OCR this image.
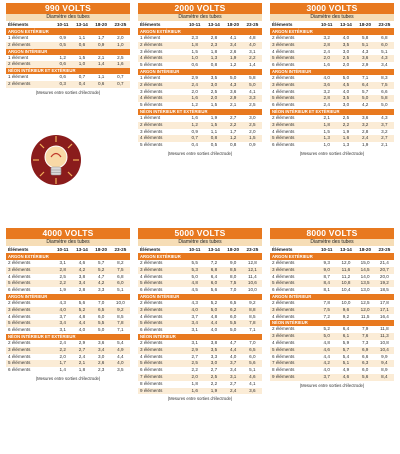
990 VOLTS
Diamètre des tubes
Éléments	10-11	13-14	18-20	23-25
ARGON EXTÉRIEUR
1 élément	0,9	1,1	1,7	2,0
2 éléments	0,5	0,6	0,9	1,0
ARGON INTÉRIEUR
1 élément	1,2	1,5	2,1	2,5
2 éléments	0,6	1,0	1,4	1,6
NÉON INTÉRIEUR ET EXTÉRIEUR
1 élément	0,6	0,7	1,1	0,7
2 éléments	0,3	0,4	0,6	0,7
(Mesures entre sorties d'électrode)
2000 VOLTS
Diamètre des tubes
Éléments	10-11	13-14	18-20	23-25
ARGON EXTÉRIEUR
1 élément	2,3	2,8	4,1	4,8
2 éléments	1,8	2,3	3,4	4,0
3 éléments	1,5	1,8	2,6	3,1
4 éléments	1,0	1,3	1,9	2,2
5 éléments	0,6	0,8	1,2	1,4
ARGON INTÉRIEUR
1 élément	2,9	3,5	5,0	5,8
2 éléments	2,4	3,0	4,3	5,0
3 éléments	2,0	2,5	3,6	4,1
4 éléments	1,6	2,0	2,9	3,3
5 éléments	1,2	1,5	2,1	2,5
NÉON INTÉRIEUR ET EXTÉRIEUR
1 élément	1,6	1,9	2,7	3,0
2 éléments	1,2	1,5	2,2	2,5
3 éléments	0,9	1,1	1,7	2,0
4 éléments	0,7	0,8	1,2	1,5
5 éléments	0,4	0,5	0,8	0,9
(Mesures entre sorties d'électrode)
3000 VOLTS
Diamètre des tubes
Éléments	10-11	13-14	18-20	23-25
ARGON EXTÉRIEUR
2 éléments	3,2	4,0	5,8	6,8
3 éléments	2,8	3,5	5,1	6,0
4 éléments	2,4	3,0	4,3	5,1
5 éléments	2,0	2,5	3,6	4,3
6 éléments	1,6	2,0	2,9	3,4
ARGON INTÉRIEUR
2 éléments	4,0	5,0	7,1	8,3
3 éléments	3,6	4,5	6,4	7,5
4 éléments	3,2	4,0	5,7	6,6
5 éléments	2,8	3,5	5,0	5,8
6 éléments	2,4	3,0	4,2	5,0
NÉON INTÉRIEUR ET EXTÉRIEUR
2 éléments	2,1	2,5	3,6	4,3
3 éléments	1,8	2,2	3,2	3,7
4 éléments	1,5	1,9	2,8	3,2
5 éléments	1,3	1,6	2,4	2,7
6 éléments	1,0	1,3	1,9	2,1
(Mesures entre sorties d'électrode)
4000 VOLTS
Diamètre des tubes
Éléments	10-11	13-14	18-20	23-25
ARGON EXTÉRIEUR
2 éléments	3,1	4,6	5,7	8,2
3 éléments	2,8	4,2	5,2	7,5
4 éléments	2,5	3,8	4,7	6,8
5 éléments	2,2	3,4	4,2	6,0
6 éléments	1,9	2,8	3,3	5,1
ARGON INTÉRIEUR
2 éléments	4,3	5,6	7,0	10,0
3 éléments	4,0	5,2	6,5	9,2
4 éléments	3,7	4,8	6,0	8,5
5 éléments	3,4	4,4	5,5	7,8
6 éléments	3,1	4,0	5,0	7,1
NÉON INTÉRIEUR ET EXTÉRIEUR
2 éléments	2,4	2,9	3,6	5,4
3 éléments	2,2	2,7	3,4	4,9
4 éléments	2,0	2,4	3,0	4,4
5 éléments	1,7	2,1	2,6	4,0
6 éléments	1,4	1,8	2,3	3,5
(Mesures entre sorties d'électrode)
5000 VOLTS
Diamètre des tubes
Éléments	10-11	13-14	18-20	23-25
ARGON EXTÉRIEUR
2 éléments	5,5	7,2	9,0	12,8
3 éléments	5,3	6,8	8,5	12,1
4 éléments	5,0	6,4	8,0	11,4
5 éléments	4,8	6,0	7,5	10,6
6 éléments	4,5	5,6	7,0	10,0
ARGON INTÉRIEUR
2 éléments	4,3	5,2	6,5	9,2
3 éléments	4,0	5,0	6,2	8,8
4 éléments	3,7	4,8	6,0	8,5
5 éléments	3,4	4,4	5,5	7,8
6 éléments	3,1	4,0	5,0	7,1
NÉON INTÉRIEUR
2 éléments	3,1	3,8	4,7	7,0
3 éléments	2,9	3,5	4,4	6,5
4 éléments	2,7	3,3	4,0	6,0
5 éléments	2,5	3,0	3,7	5,6
6 éléments	2,2	2,7	3,4	5,1
7 éléments	2,0	2,5	3,1	4,6
8 éléments	1,8	2,2	2,7	4,1
9 éléments	1,6	1,9	2,4	3,6
(Mesures entre sorties d'électrode)
8000 VOLTS
Diamètre des tubes
Éléments	10-11	13-14	18-20	23-25
ARGON EXTÉRIEUR
2 éléments	9,3	12,0	15,0	21,4
3 éléments	9,0	11,6	14,5	20,7
4 éléments	8,7	11,2	14,0	20,0
5 éléments	8,4	10,8	13,5	19,2
6 éléments	8,1	10,4	13,0	18,5
ARGON INTÉRIEUR
2 éléments	7,8	10,0	12,5	17,8
3 éléments	7,5	9,6	12,0	17,1
4 éléments	7,2	9,2	11,5	16,4
NÉON INTÉRIEUR
2 éléments	5,2	6,4	7,9	11,8
3 éléments	5,0	6,1	7,6	11,3
4 éléments	4,8	5,9	7,3	10,8
5 éléments	4,6	5,7	6,9	10,4
6 éléments	4,4	5,4	6,6	9,9
7 éléments	4,2	5,1	6,3	9,4
8 éléments	4,0	4,9	6,0	8,9
9 éléments	3,7	4,6	5,6	8,4
(Mesures entre sorties d'électrode)
